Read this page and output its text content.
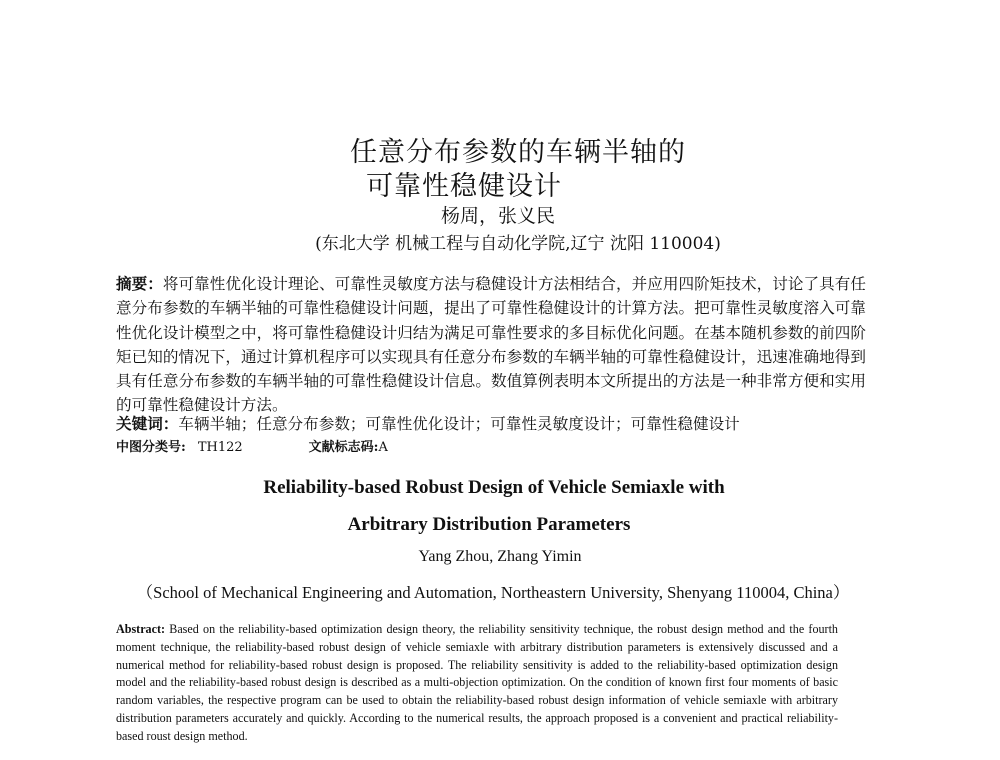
任意分布参数的车辆半轴的
可靠性稳健设计
杨周，张义民
(东北大学 机械工程与自动化学院,辽宁 沈阳 110004)
摘要：将可靠性优化设计理论、可靠性灵敏度方法与稳健设计方法相结合，并应用四阶矩技术，讨论了具有任意分布参数的车辆半轴的可靠性稳健设计问题，提出了可靠性稳健设计的计算方法。把可靠性灵敏度溶入可靠性优化设计模型之中，将可靠性稳健设计归结为满足可靠性要求的多目标优化问题。在基本随机参数的前四阶矩已知的情况下，通过计算机程序可以实现具有任意分布参数的车辆半轴的可靠性稳健设计，迅速准确地得到具有任意分布参数的车辆半轴的可靠性稳健设计信息。数值算例表明本文所提出的方法是一种非常方便和实用的可靠性稳健设计方法。
关键词：车辆半轴；任意分布参数；可靠性优化设计；可靠性灵敏度设计；可靠性稳健设计
中图分类号: TH122	文献标志码:A
Reliability-based Robust Design of Vehicle Semiaxle with
Arbitrary Distribution Parameters
Yang Zhou, Zhang Yimin
（School of Mechanical Engineering and Automation, Northeastern University, Shenyang 110004, China）
Abstract: Based on the reliability-based optimization design theory, the reliability sensitivity technique, the robust design method and the fourth moment technique, the reliability-based robust design of vehicle semiaxle with arbitrary distribution parameters is extensively discussed and a numerical method for reliability-based robust design is proposed. The reliability sensitivity is added to the reliability-based optimization design model and the reliability-based robust design is described as a multi-objection optimization. On the condition of known first four moments of basic random variables, the respective program can be used to obtain the reliability-based robust design information of vehicle semiaxle with arbitrary distribution parameters accurately and quickly. According to the numerical results, the approach proposed is a convenient and practical reliability-based roust design method.
